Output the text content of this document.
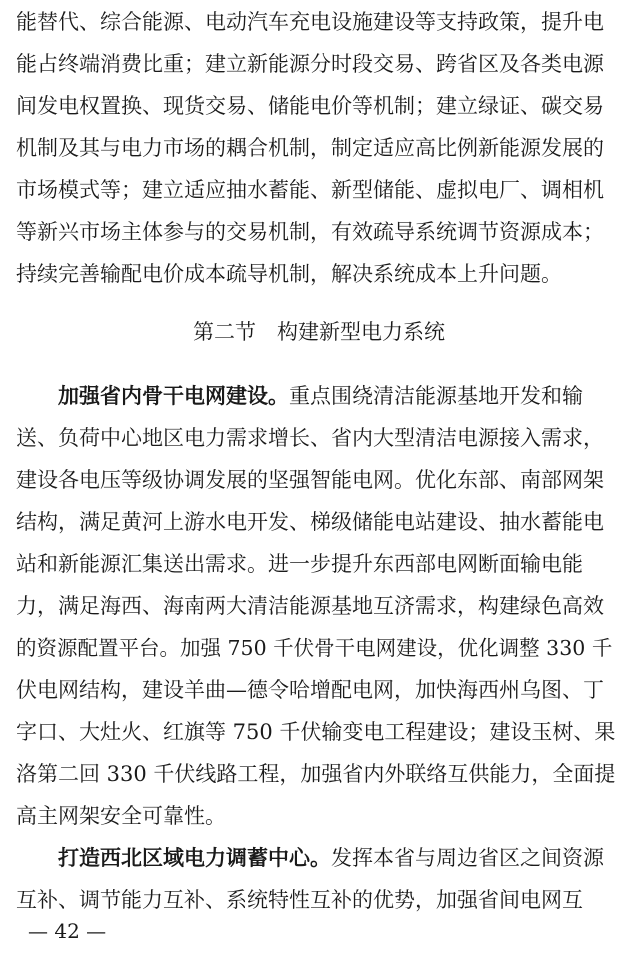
能替代、综合能源、电动汽车充电设施建设等支持政策，提升电
能占终端消费比重；建立新能源分时段交易、跨省区及各类电源
间发电权置换、现货交易、储能电价等机制；建立绿证、碳交易
机制及其与电力市场的耦合机制，制定适应高比例新能源发展的
市场模式等；建立适应抽水蓄能、新型储能、虚拟电厂、调相机
等新兴市场主体参与的交易机制，有效疏导系统调节资源成本；
持续完善输配电价成本疏导机制，解决系统成本上升问题。
第二节　构建新型电力系统
加强省内骨干电网建设。重点围绕清洁能源基地开发和输
送、负荷中心地区电力需求增长、省内大型清洁电源接入需求，
建设各电压等级协调发展的坚强智能电网。优化东部、南部网架
结构，满足黄河上游水电开发、梯级储能电站建设、抽水蓄能电
站和新能源汇集送出需求。进一步提升东西部电网断面输电能
力，满足海西、海南两大清洁能源基地互济需求，构建绿色高效
的资源配置平台。加强 750 千伏骨干电网建设，优化调整 330 千
伏电网结构，建设羊曲—德令哈增配电网，加快海西州乌图、丁
字口、大灶火、红旗等 750 千伏输变电工程建设；建设玉树、果
洛第二回 330 千伏线路工程，加强省内外联络互供能力，全面提
高主网架安全可靠性。
打造西北区域电力调蓄中心。发挥本省与周边省区之间资源
互补、调节能力互补、系统特性互补的优势，加强省间电网互
— 42 —
